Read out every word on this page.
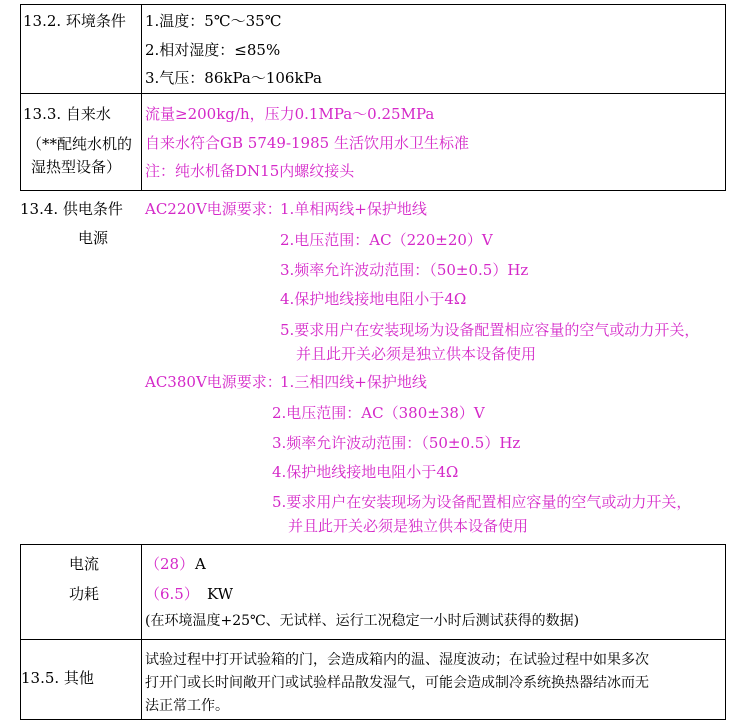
13.2. 环境条件 1.温度：5℃～35℃
2.相对湿度：≤85%
3.气压：86kPa～106kPa
13.3. 自来水
（**配纯水机的
湿热型设备）
流量≥200kg/h，压力0.1MPa～0.25MPa
自来水符合GB 5749-1985 生活饮用水卫生标准
注：纯水机备DN15内螺纹接头
13.4. 供电条件
电源
AC220V电源要求：
1.单相两线+保护地线
2.电压范围：AC（220±20）V
3.频率允许波动范围：（50±0.5）Hz
4.保护地线接地电阻小于4Ω
5.要求用户在安装现场为设备配置相应容量的空气或动力开关，
并且此开关必须是独立供本设备使用
AC380V电源要求：
1.三相四线+保护地线
2.电压范围：AC（380±38）V
3.频率允许波动范围：（50±0.5）Hz
4.保护地线接地电阻小于4Ω
5.要求用户在安装现场为设备配置相应容量的空气或动力开关，
并且此开关必须是独立供本设备使用
电流
功耗
（28） A
（6.5） KW
(在环境温度+25℃、无试样、运行工况稳定一小时后测试获得的数据)
13.5. 其他
试验过程中打开试验箱的门，会造成箱内的温、湿度波动；在试验过程中如果多次
打开门或长时间敞开门或试验样品散发湿气，可能会造成制冷系统换热器结冰而无
法正常工作。
